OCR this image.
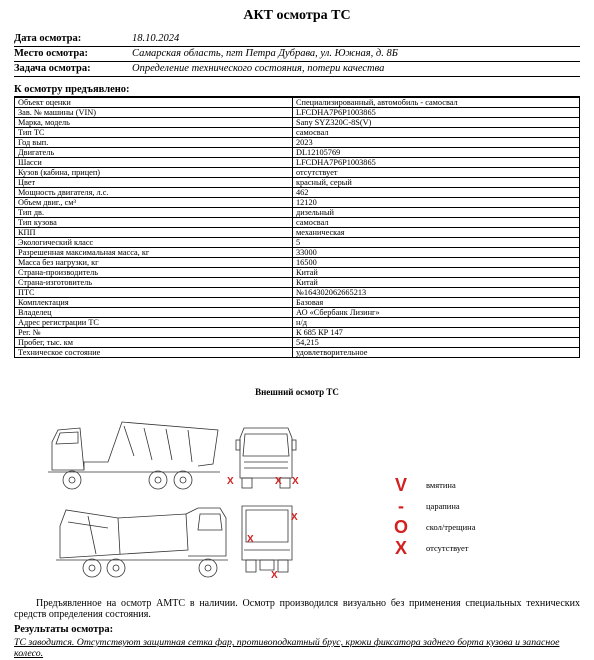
АКТ осмотра ТС
Дата осмотра:	18.10.2024
Место осмотра:	Самарская область, пгт Петра Дубрава, ул. Южная, д. 8Б
Задача осмотра:	Определение технического состояния, потери качества
К осмотру предъявлено:
Объект оценки	Специализированный, автомобиль - самосвал
Зав. № машины (VIN)	LFCDHA7P6P1003865
Марка, модель	Sany SYZ320C-8S(V)
Тип ТС	самосвал
Год вып.	2023
Двигатель	DL12105769
Шасси	LFCDHA7P6P1003865
Кузов (кабина, прицеп)	отсутствует
Цвет	красный, серый
Мощность двигателя, л.с.	462
Объем двиг., см³	12120
Тип дв.	дизельный
Тип кузова	самосвал
КПП	механическая
Экологический класс	5
Разрешенная максимальная масса, кг	33000
Масса без нагрузки, кг	16500
Страна-производитель	Китай
Страна-изготовитель	Китай
ПТС	№164302062665213
Комплектация	Базовая
Владелец	АО «Сбербанк Лизинг»
Адрес регистрации ТС	н/д
Рег. №	К 685 КР 147
Пробег, тыс. км	54,215
Техническое состояние	удовлетворительное
Внешний осмотр ТС
X	X X
X
X
X
V	вмятина
-	царапина
O	скол/трещина
X	отсутствует
Предъявленное на осмотр АМТС в наличии. Осмотр производился визуально без применения специальных технических средств определения состояния.
Результаты осмотра:
ТС заводится. Отсутствуют защитная сетка фар, противоподкатный брус, крюки фиксатора заднего борта кузова и запасное колесо.
